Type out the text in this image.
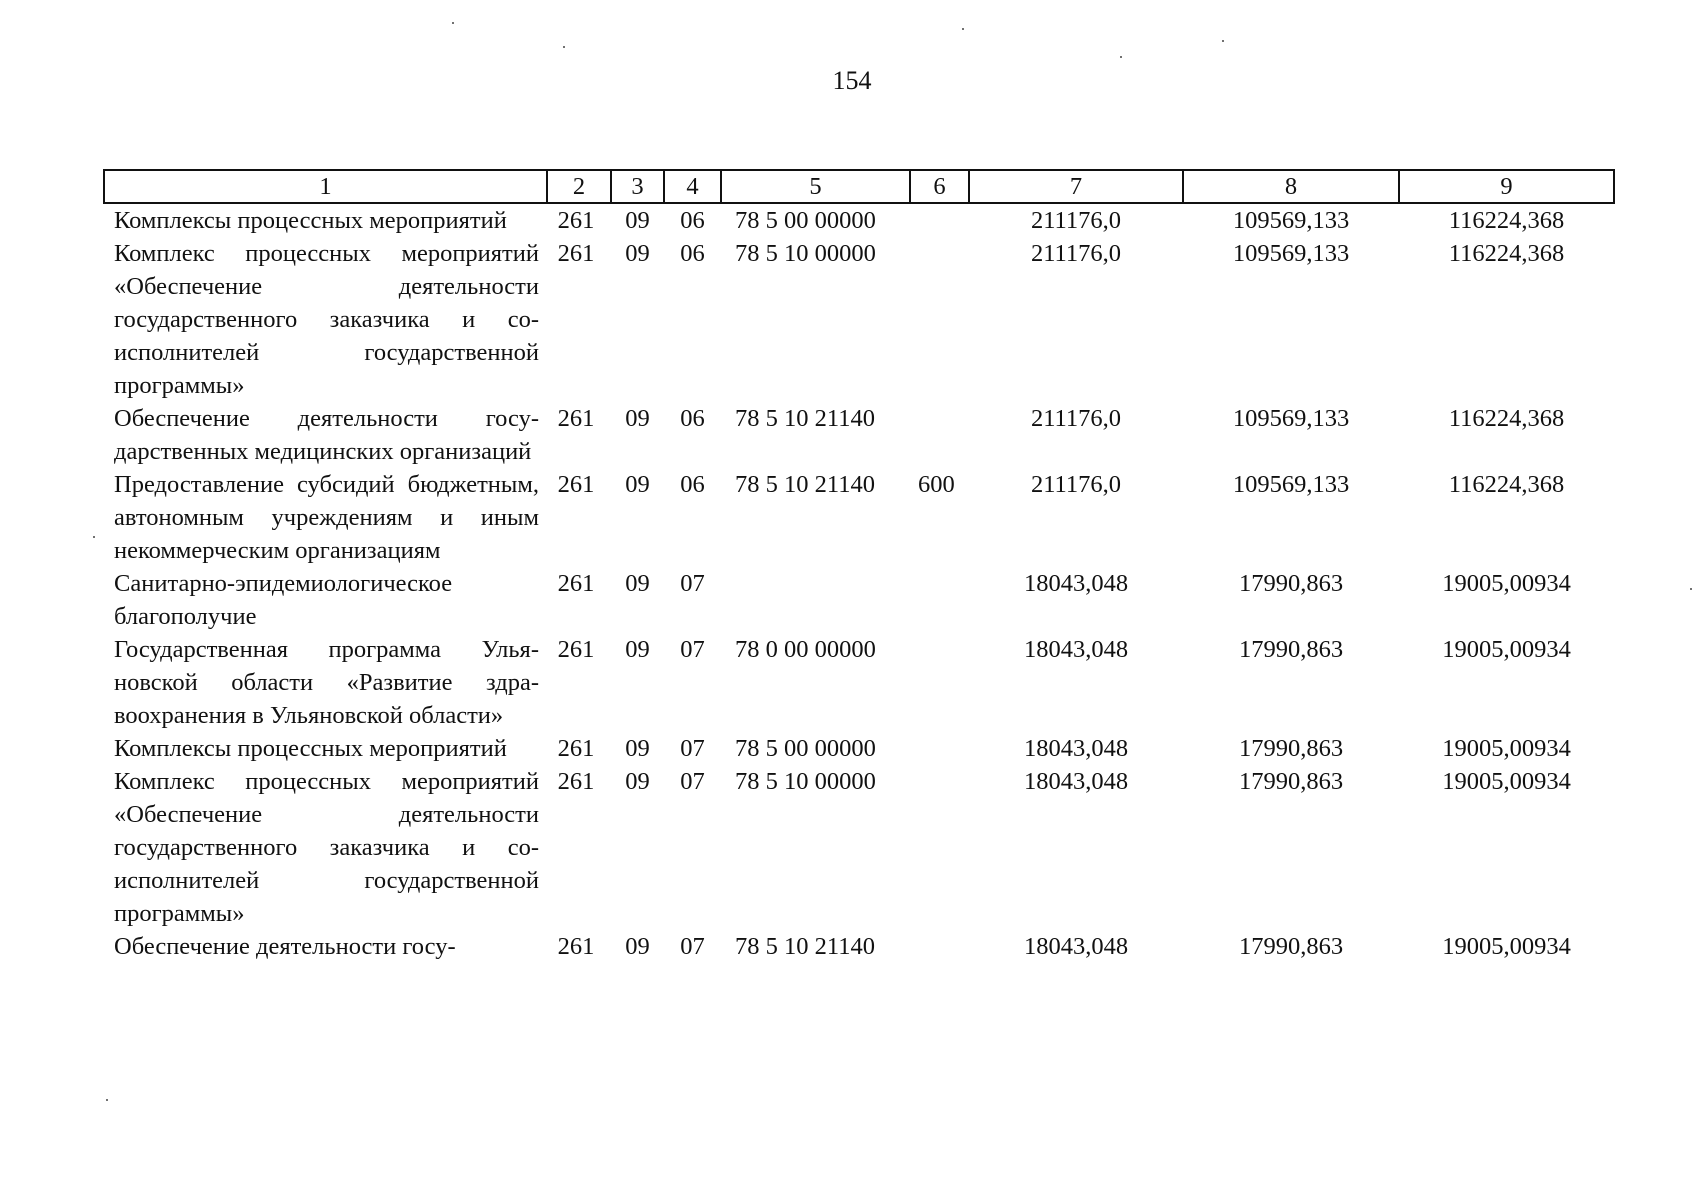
154
1	2	3	4	5	6	7	8	9
Комплексы процессных мероприятий	261	09	06	78 5 00 00000		211176,0	109569,133	116224,368
Комплекс процессных мероприятий «Обеспечение деятельности государственного заказчика и соисполнителей государственной программы»	261	09	06	78 5 10 00000		211176,0	109569,133	116224,368
Обеспечение деятельности государственных медицинских организаций	261	09	06	78 5 10 21140		211176,0	109569,133	116224,368
Предоставление субсидий бюджетным, автономным учреждениям и иным некоммерческим организациям	261	09	06	78 5 10 21140	600	211176,0	109569,133	116224,368
Санитарно-эпидемиологическое благополучие	261	09	07			18043,048	17990,863	19005,00934
Государственная программа Ульяновской области «Развитие здравоохранения в Ульяновской области»	261	09	07	78 0 00 00000		18043,048	17990,863	19005,00934
Комплексы процессных мероприятий	261	09	07	78 5 00 00000		18043,048	17990,863	19005,00934
Комплекс процессных мероприятий «Обеспечение деятельности государственного заказчика и соисполнителей государственной программы»	261	09	07	78 5 10 00000		18043,048	17990,863	19005,00934
Обеспечение деятельности госу-	261	09	07	78 5 10 21140		18043,048	17990,863	19005,00934
